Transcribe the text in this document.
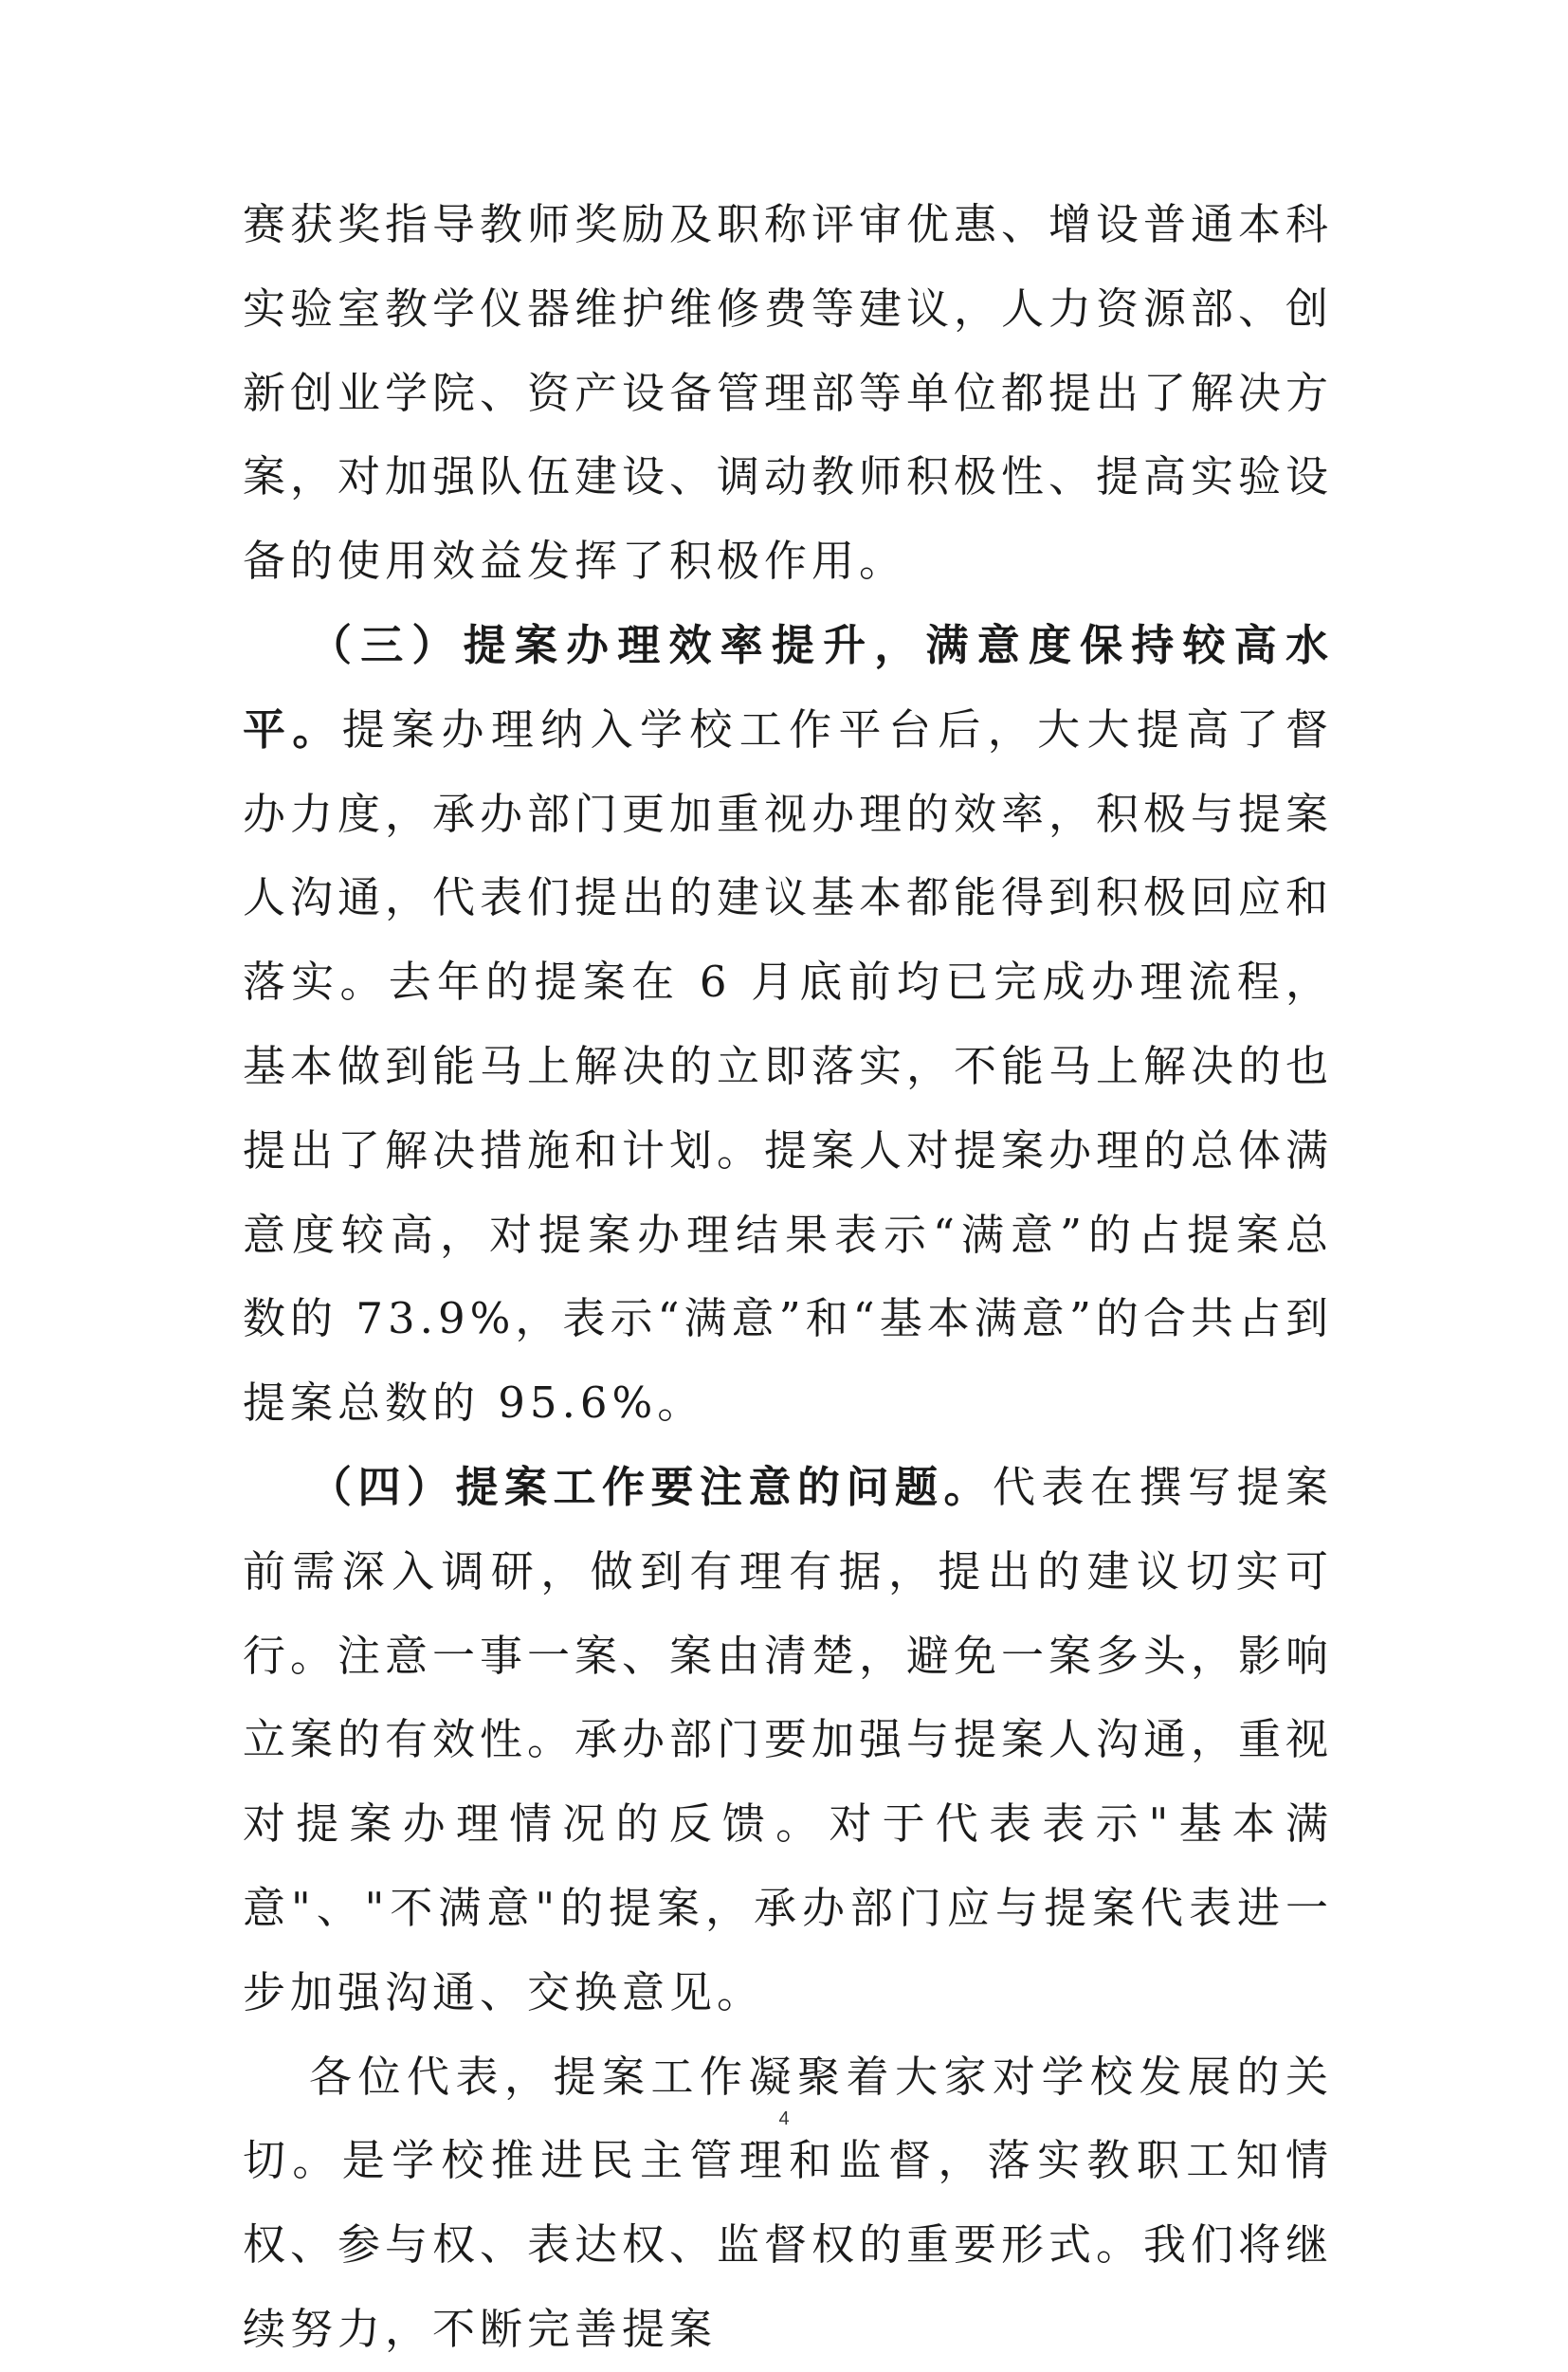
赛获奖指导教师奖励及职称评审优惠、增设普通本科实验室教学仪器维护维修费等建议，人力资源部、创新创业学院、资产设备管理部等单位都提出了解决方案，对加强队伍建设、调动教师积极性、提高实验设备的使用效益发挥了积极作用。

（三）提案办理效率提升，满意度保持较高水平。提案办理纳入学校工作平台后，大大提高了督办力度，承办部门更加重视办理的效率，积极与提案人沟通，代表们提出的建议基本都能得到积极回应和落实。去年的提案在 6 月底前均已完成办理流程，基本做到能马上解决的立即落实，不能马上解决的也提出了解决措施和计划。提案人对提案办理的总体满意度较高，对提案办理结果表示“满意”的占提案总数的 73.9%，表示“满意”和“基本满意”的合共占到提案总数的 95.6%。

（四）提案工作要注意的问题。代表在撰写提案前需深入调研，做到有理有据，提出的建议切实可行。注意一事一案、案由清楚，避免一案多头，影响立案的有效性。承办部门要加强与提案人沟通，重视对提案办理情况的反馈。对于代表表示"基本满意"、"不满意"的提案，承办部门应与提案代表进一步加强沟通、交换意见。

各位代表，提案工作凝聚着大家对学校发展的关切。是学校推进民主管理和监督，落实教职工知情权、参与权、表达权、监督权的重要形式。我们将继续努力，不断完善提案

4
